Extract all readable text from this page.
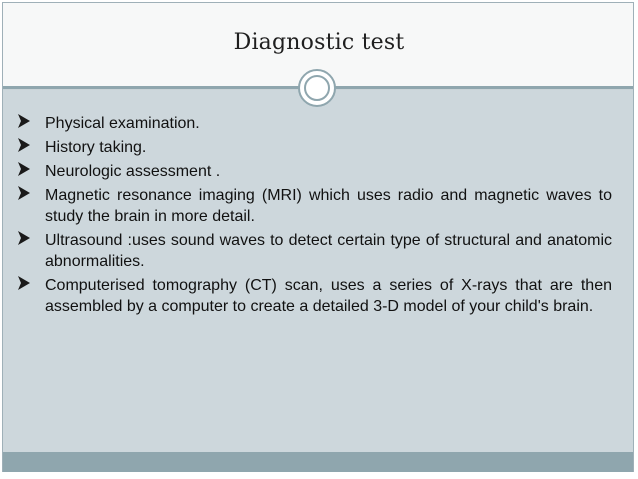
Diagnostic test
Physical examination.
History taking.
Neurologic assessment .
Magnetic resonance imaging (MRI) which uses radio and magnetic waves to study the brain in more detail.
Ultrasound :uses sound waves to detect certain type of structural and anatomic abnormalities.
Computerised tomography (CT) scan, uses a series of X-rays that are then assembled by a computer to create a detailed 3-D model of your child's brain.
